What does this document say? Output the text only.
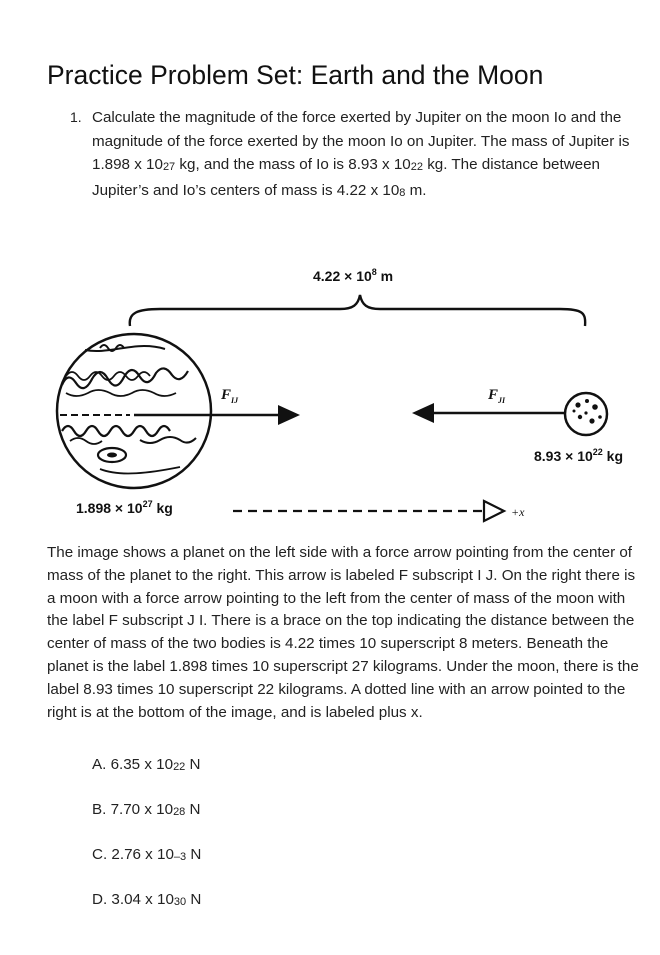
Practice Problem Set: Earth and the Moon
1. Calculate the magnitude of the force exerted by Jupiter on the moon Io and the magnitude of the force exerted by the moon Io on Jupiter. The mass of Jupiter is 1.898 x $10^{27}$ kg, and the mass of Io is 8.93 x $10^{22}$ kg. The distance between Jupiter’s and Io’s centers of mass is 4.22 x $10^8$ m.
$4.22 \times 10^8$ m
$F_{IJ}$	$F_{JI}$
$8.93 \times 10^{22}$ kg
$1.898 \times 10^{27}$ kg	+x
The image shows a planet on the left side with a force arrow pointing from the center of mass of the planet to the right. This arrow is labeled F subscript I J. On the right there is a moon with a force arrow pointing to the left from the center of mass of the moon with the label F subscript J I. There is a brace on the top indicating the distance between the center of mass of the two bodies is 4.22 times 10 superscript 8 meters. Beneath the planet is the label 1.898 times 10 superscript 27 kilograms. Under the moon, there is the label 8.93 times 10 superscript 22 kilograms. A dotted line with an arrow pointed to the right is at the bottom of the image, and is labeled plus x.
A. 6.35 x $10^{22}$ N
B. 7.70 x $10^{28}$ N
C. 2.76 x $10^{-3}$ N
D. 3.04 x $10^{30}$ N
